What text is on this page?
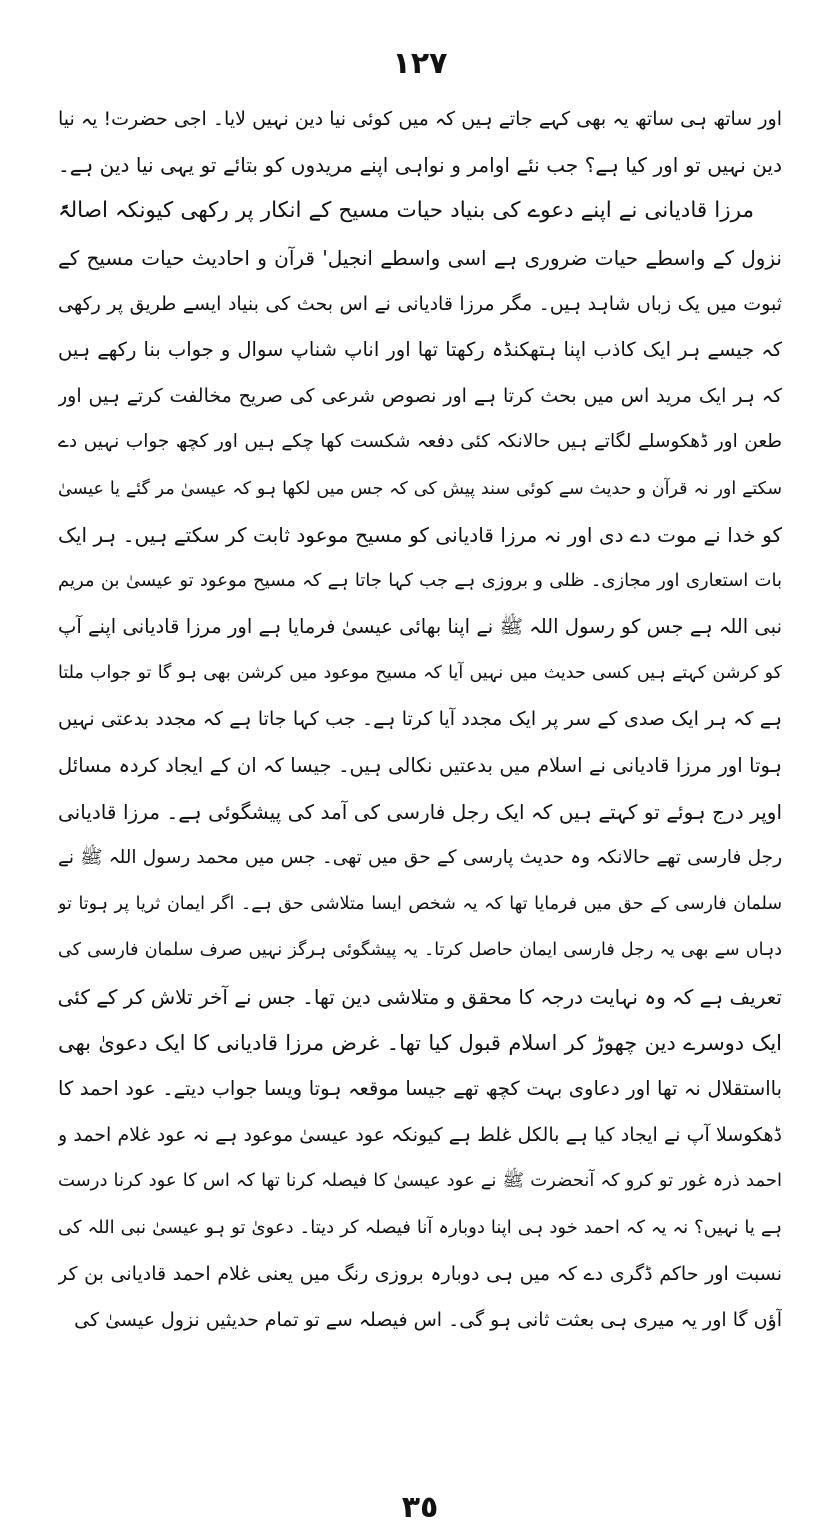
١٢٧
اور ساتھ ہی ساتھ یہ بھی کہے جاتے ہیں کہ میں کوئی نیا دین نہیں لایا۔ اجی حضرت! یہ نیا
دین نہیں تو اور کیا ہے؟ جب نئے اوامر و نواہی اپنے مریدوں کو بتائے تو یہی نیا دین ہے۔
مرزا قادیانی نے اپنے دعوے کی بنیاد حیات مسیح کے انکار پر رکھی کیونکہ اصالۃً
نزول کے واسطے حیات ضروری ہے اسی واسطے انجیل' قرآن و احادیث حیات مسیح کے
ثبوت میں یک زباں شاہد ہیں۔ مگر مرزا قادیانی نے اس بحث کی بنیاد ایسے طریق پر رکھی
کہ جیسے ہر ایک کاذب اپنا ہتھکنڈہ رکھتا تھا اور اناپ شناپ سوال و جواب بنا رکھے ہیں
کہ ہر ایک مرید اس میں بحث کرتا ہے اور نصوص شرعی کی صریح مخالفت کرتے ہیں اور
طعن اور ڈھکوسلے لگاتے ہیں حالانکہ کئی دفعہ شکست کھا چکے ہیں اور کچھ جواب نہیں دے
سکتے اور نہ قرآن و حدیث سے کوئی سند پیش کی کہ جس میں لکھا ہو کہ عیسیٰ مر گئے یا عیسیٰ
کو خدا نے موت دے دی اور نہ مرزا قادیانی کو مسیح موعود ثابت کر سکتے ہیں۔ ہر ایک
بات استعاری اور مجازی۔ ظلی و بروزی ہے جب کہا جاتا ہے کہ مسیح موعود تو عیسیٰ بن مریم
نبی اللہ ہے جس کو رسول اللہ ﷺ نے اپنا بھائی عیسیٰ فرمایا ہے اور مرزا قادیانی اپنے آپ
کو کرشن کہتے ہیں کسی حدیث میں نہیں آیا کہ مسیح موعود میں کرشن بھی ہو گا تو جواب ملتا
ہے کہ ہر ایک صدی کے سر پر ایک مجدد آیا کرتا ہے۔ جب کہا جاتا ہے کہ مجدد بدعتی نہیں
ہوتا اور مرزا قادیانی نے اسلام میں بدعتیں نکالی ہیں۔ جیسا کہ ان کے ایجاد کردہ مسائل
اوپر درج ہوئے تو کہتے ہیں کہ ایک رجل فارسی کی آمد کی پیشگوئی ہے۔ مرزا قادیانی
رجل فارسی تھے حالانکہ وہ حدیث پارسی کے حق میں تھی۔ جس میں محمد رسول اللہ ﷺ نے
سلمان فارسی کے حق میں فرمایا تھا کہ یہ شخص ایسا متلاشی حق ہے۔ اگر ایمان ثریا پر ہوتا تو
دہاں سے بھی یہ رجل فارسی ایمان حاصل کرتا۔ یہ پیشگوئی ہرگز نہیں صرف سلمان فارسی کی
تعریف ہے کہ وہ نہایت درجہ کا محقق و متلاشی دین تھا۔ جس نے آخر تلاش کر کے کئی
ایک دوسرے دین چھوڑ کر اسلام قبول کیا تھا۔ غرض مرزا قادیانی کا ایک دعویٰ بھی
بااستقلال نہ تھا اور دعاوی بہت کچھ تھے جیسا موقعہ ہوتا ویسا جواب دیتے۔ عود احمد کا
ڈھکوسلا آپ نے ایجاد کیا ہے بالکل غلط ہے کیونکہ عود عیسیٰ موعود ہے نہ عود غلام احمد و
احمد ذرہ غور تو کرو کہ آنحضرت ﷺ نے عود عیسیٰ کا فیصلہ کرنا تھا کہ اس کا عود کرنا درست
ہے یا نہیں؟ نہ یہ کہ احمد خود ہی اپنا دوبارہ آنا فیصلہ کر دیتا۔ دعویٰ تو ہو عیسیٰ نبی اللہ کی
نسبت اور حاکم ڈگری دے کہ میں ہی دوبارہ بروزی رنگ میں یعنی غلام احمد قادیانی بن کر
آؤں گا اور یہ میری ہی بعثت ثانی ہو گی۔ اس فیصلہ سے تو تمام حدیثیں نزول عیسیٰ کی
٣٥
